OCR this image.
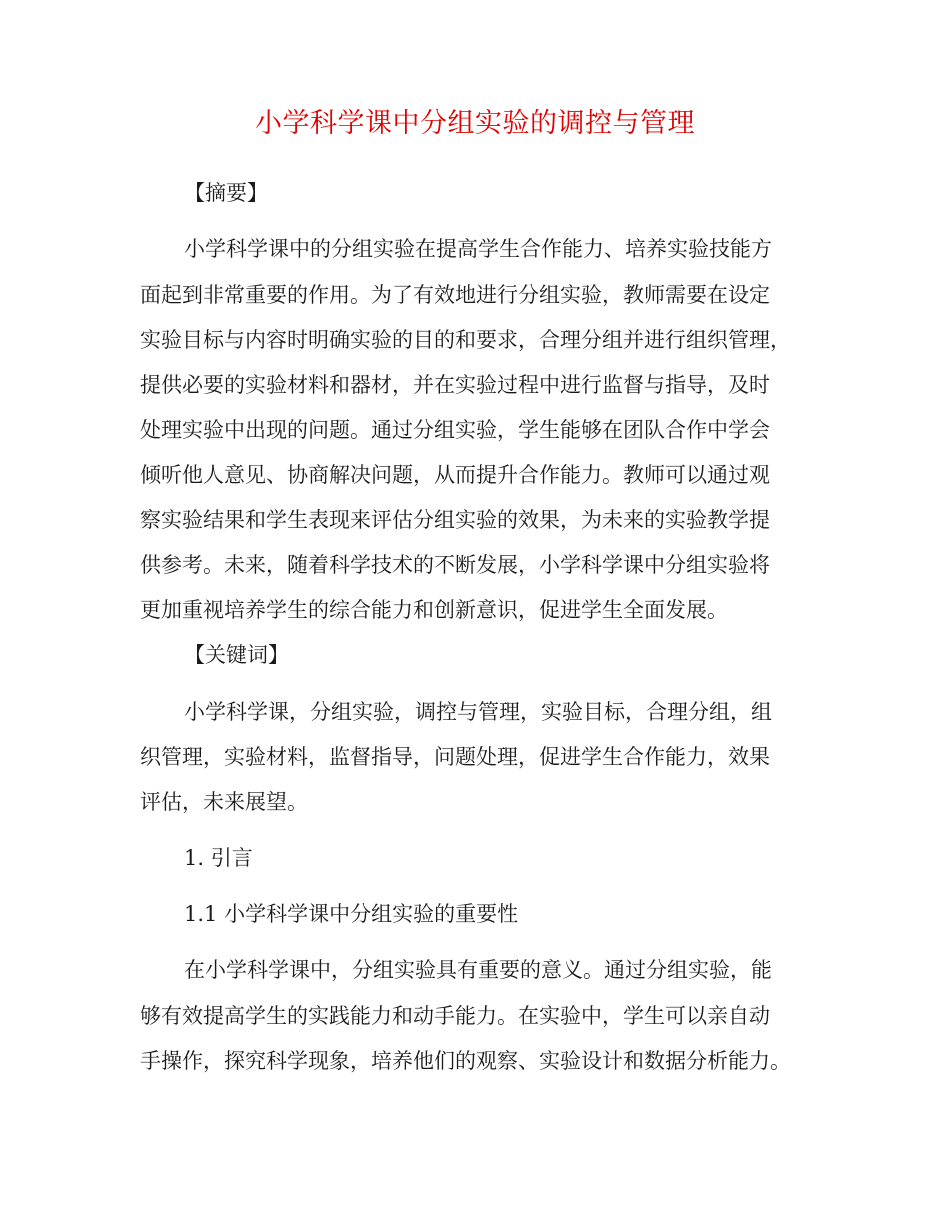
小学科学课中分组实验的调控与管理
【摘要】
小学科学课中的分组实验在提高学生合作能力、培养实验技能方
面起到非常重要的作用。为了有效地进行分组实验，教师需要在设定
实验目标与内容时明确实验的目的和要求，合理分组并进行组织管理，
提供必要的实验材料和器材，并在实验过程中进行监督与指导，及时
处理实验中出现的问题。通过分组实验，学生能够在团队合作中学会
倾听他人意见、协商解决问题，从而提升合作能力。教师可以通过观
察实验结果和学生表现来评估分组实验的效果，为未来的实验教学提
供参考。未来，随着科学技术的不断发展，小学科学课中分组实验将
更加重视培养学生的综合能力和创新意识，促进学生全面发展。
【关键词】
小学科学课，分组实验，调控与管理，实验目标，合理分组，组
织管理，实验材料，监督指导，问题处理，促进学生合作能力，效果
评估，未来展望。
1. 引言
1.1 小学科学课中分组实验的重要性
在小学科学课中，分组实验具有重要的意义。通过分组实验，能
够有效提高学生的实践能力和动手能力。在实验中，学生可以亲自动
手操作，探究科学现象，培养他们的观察、实验设计和数据分析能力。
